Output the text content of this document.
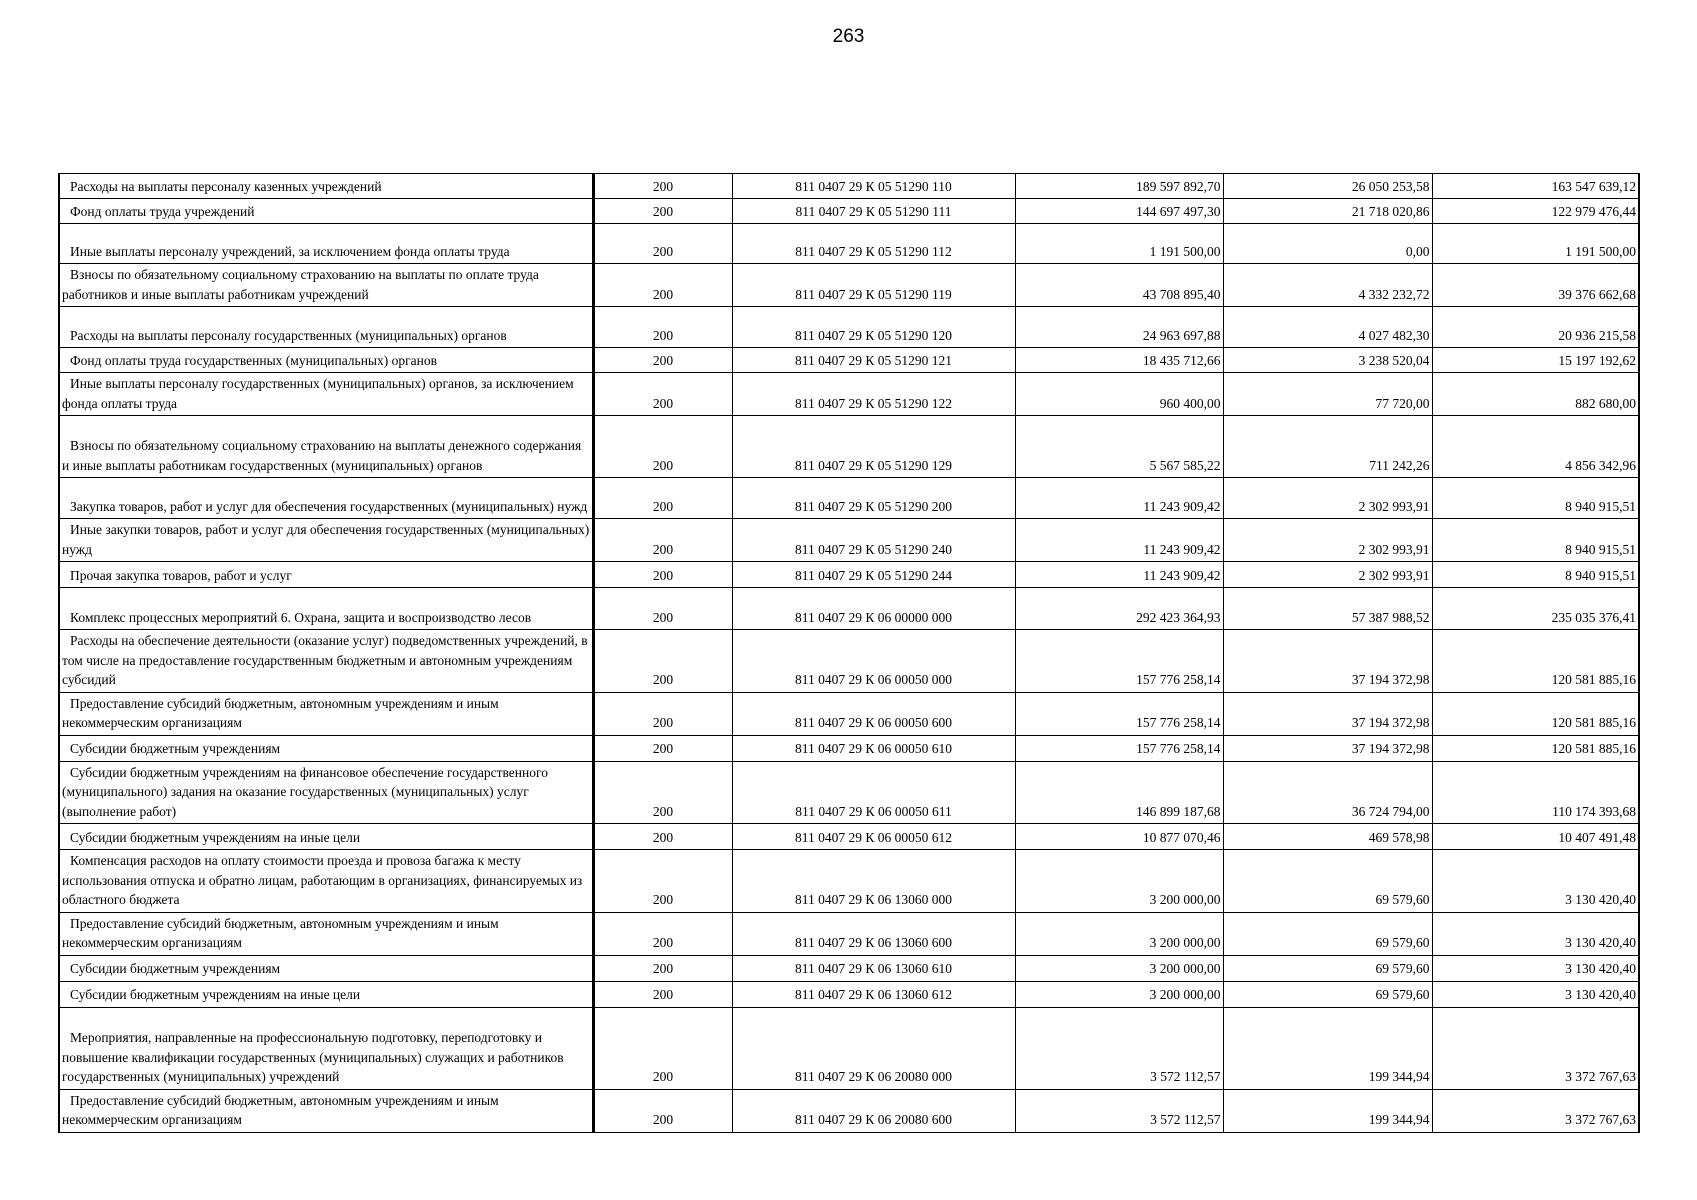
263
Расходы на выплаты персоналу казенных учреждений	200	811 0407 29 К 05 51290 110	189 597 892,70	26 050 253,58	163 547 639,12

Фонд оплаты труда учреждений	200	811 0407 29 К 05 51290 111	144 697 497,30	21 718 020,86	122 979 476,44

Иные выплаты персоналу учреждений, за исключением фонда оплаты труда	200	811 0407 29 К 05 51290 112	1 191 500,00	0,00	1 191 500,00

Взносы по обязательному социальному страхованию на выплаты по оплате труда работников и иные выплаты работникам учреждений	200	811 0407 29 К 05 51290 119	43 708 895,40	4 332 232,72	39 376 662,68

Расходы на выплаты персоналу государственных (муниципальных) органов	200	811 0407 29 К 05 51290 120	24 963 697,88	4 027 482,30	20 936 215,58

Фонд оплаты труда государственных (муниципальных) органов	200	811 0407 29 К 05 51290 121	18 435 712,66	3 238 520,04	15 197 192,62

Иные выплаты персоналу государственных (муниципальных) органов, за исключением фонда оплаты труда	200	811 0407 29 К 05 51290 122	960 400,00	77 720,00	882 680,00

Взносы по обязательному социальному страхованию на выплаты денежного содержания и иные выплаты работникам государственных (муниципальных) органов	200	811 0407 29 К 05 51290 129	5 567 585,22	711 242,26	4 856 342,96

Закупка товаров, работ и услуг для обеспечения государственных (муниципальных) нужд	200	811 0407 29 К 05 51290 200	11 243 909,42	2 302 993,91	8 940 915,51

Иные закупки товаров, работ и услуг для обеспечения государственных (муниципальных) нужд	200	811 0407 29 К 05 51290 240	11 243 909,42	2 302 993,91	8 940 915,51

Прочая закупка товаров, работ и услуг	200	811 0407 29 К 05 51290 244	11 243 909,42	2 302 993,91	8 940 915,51

Комплекс процессных мероприятий 6. Охрана, защита и воспроизводство лесов	200	811 0407 29 К 06 00000 000	292 423 364,93	57 387 988,52	235 035 376,41

Расходы на обеспечение деятельности (оказание услуг) подведомственных учреждений, в том числе на предоставление государственным бюджетным и автономным учреждениям субсидий	200	811 0407 29 К 06 00050 000	157 776 258,14	37 194 372,98	120 581 885,16

Предоставление субсидий бюджетным, автономным учреждениям и иным некоммерческим организациям	200	811 0407 29 К 06 00050 600	157 776 258,14	37 194 372,98	120 581 885,16

Субсидии бюджетным учреждениям	200	811 0407 29 К 06 00050 610	157 776 258,14	37 194 372,98	120 581 885,16

Субсидии бюджетным учреждениям на финансовое обеспечение государственного (муниципального) задания на оказание государственных (муниципальных) услуг (выполнение работ)	200	811 0407 29 К 06 00050 611	146 899 187,68	36 724 794,00	110 174 393,68

Субсидии бюджетным учреждениям на иные цели	200	811 0407 29 К 06 00050 612	10 877 070,46	469 578,98	10 407 491,48

Компенсация расходов на оплату стоимости проезда и провоза багажа к месту использования отпуска и обратно лицам, работающим в организациях, финансируемых из областного бюджета	200	811 0407 29 К 06 13060 000	3 200 000,00	69 579,60	3 130 420,40

Предоставление субсидий бюджетным, автономным учреждениям и иным некоммерческим организациям	200	811 0407 29 К 06 13060 600	3 200 000,00	69 579,60	3 130 420,40

Субсидии бюджетным учреждениям	200	811 0407 29 К 06 13060 610	3 200 000,00	69 579,60	3 130 420,40

Субсидии бюджетным учреждениям на иные цели	200	811 0407 29 К 06 13060 612	3 200 000,00	69 579,60	3 130 420,40

Мероприятия, направленные на профессиональную подготовку, переподготовку и повышение квалификации государственных (муниципальных) служащих и работников государственных (муниципальных) учреждений	200	811 0407 29 К 06 20080 000	3 572 112,57	199 344,94	3 372 767,63

Предоставление субсидий бюджетным, автономным учреждениям и иным некоммерческим организациям	200	811 0407 29 К 06 20080 600	3 572 112,57	199 344,94	3 372 767,63
